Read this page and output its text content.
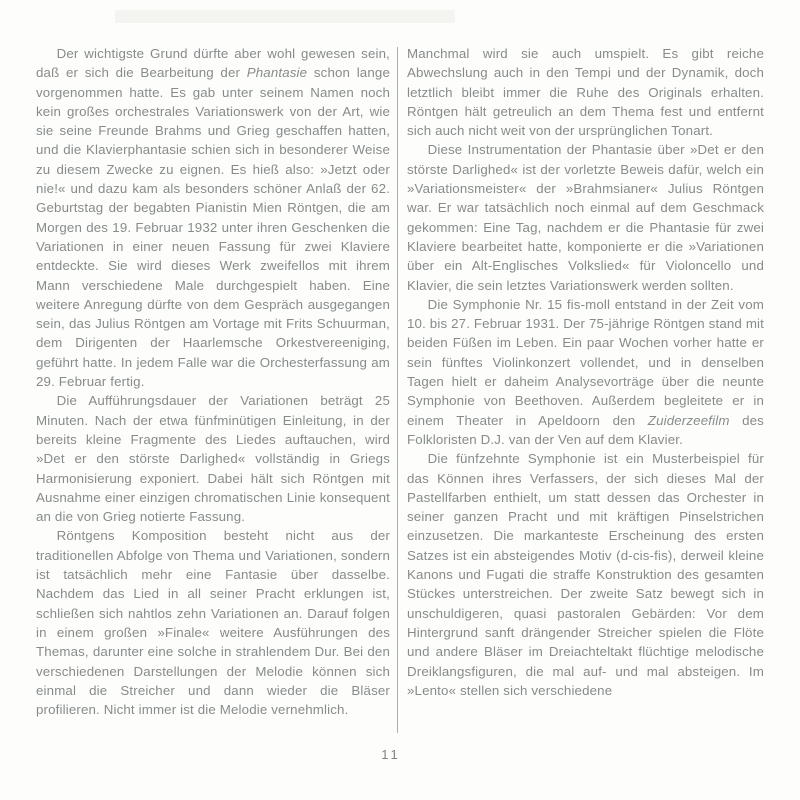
Der wichtigste Grund dürfte aber wohl gewesen sein, daß er sich die Bearbeitung der Phantasie schon lange vorgenommen hatte. Es gab unter seinem Namen noch kein großes orchestrales Variationswerk von der Art, wie sie seine Freunde Brahms und Grieg geschaffen hatten, und die Klavierphantasie schien sich in besonderer Weise zu diesem Zwecke zu eignen. Es hieß also: »Jetzt oder nie!« und dazu kam als besonders schöner Anlaß der 62. Geburtstag der begabten Pianistin Mien Röntgen, die am Morgen des 19. Februar 1932 unter ihren Geschenken die Variationen in einer neuen Fassung für zwei Klaviere entdeckte. Sie wird dieses Werk zweifellos mit ihrem Mann verschiedene Male durchgespielt haben. Eine weitere Anregung dürfte von dem Gespräch ausgegangen sein, das Julius Röntgen am Vortage mit Frits Schuurman, dem Dirigenten der Haarlemsche Orkestvereeniging, geführt hatte. In jedem Falle war die Orchesterfassung am 29. Februar fertig.

Die Aufführungsdauer der Variationen beträgt 25 Minuten. Nach der etwa fünfminütigen Einleitung, in der bereits kleine Fragmente des Liedes auftauchen, wird »Det er den störste Darlighed« vollständig in Griegs Harmonisierung exponiert. Dabei hält sich Röntgen mit Ausnahme einer einzigen chromatischen Linie konsequent an die von Grieg notierte Fassung.

Röntgens Komposition besteht nicht aus der traditionellen Abfolge von Thema und Variationen, sondern ist tatsächlich mehr eine Fantasie über dasselbe. Nachdem das Lied in all seiner Pracht erklungen ist, schließen sich nahtlos zehn Variationen an. Darauf folgen in einem großen »Finale« weitere Ausführungen des Themas, darunter eine solche in strahlendem Dur. Bei den verschiedenen Darstellungen der Melodie können sich einmal die Streicher und dann wieder die Bläser profilieren. Nicht immer ist die Melodie vernehmlich.

Manchmal wird sie auch umspielt. Es gibt reiche Abwechslung auch in den Tempi und der Dynamik, doch letztlich bleibt immer die Ruhe des Originals erhalten. Röntgen hält getreulich an dem Thema fest und entfernt sich auch nicht weit von der ursprünglichen Tonart.

Diese Instrumentation der Phantasie über »Det er den störste Darlighed« ist der vorletzte Beweis dafür, welch ein »Variationsmeister« der »Brahmsianer« Julius Röntgen war. Er war tatsächlich noch einmal auf dem Geschmack gekommen: Eine Tag, nachdem er die Phantasie für zwei Klaviere bearbeitet hatte, komponierte er die »Variationen über ein Alt-Englisches Volkslied« für Violoncello und Klavier, die sein letztes Variationswerk werden sollten.

Die Symphonie Nr. 15 fis-moll entstand in der Zeit vom 10. bis 27. Februar 1931. Der 75-jährige Röntgen stand mit beiden Füßen im Leben. Ein paar Wochen vorher hatte er sein fünftes Violinkonzert vollendet, und in denselben Tagen hielt er daheim Analysevorträge über die neunte Symphonie von Beethoven. Außerdem begleitete er in einem Theater in Apeldoorn den Zuiderzeefilm des Folkloristen D.J. van der Ven auf dem Klavier.

Die fünfzehnte Symphonie ist ein Musterbeispiel für das Können ihres Verfassers, der sich dieses Mal der Pastellfarben enthielt, um statt dessen das Orchester in seiner ganzen Pracht und mit kräftigen Pinselstrichen einzusetzen. Die markanteste Erscheinung des ersten Satzes ist ein absteigendes Motiv (d-cis-fis), derweil kleine Kanons und Fugati die straffe Konstruktion des gesamten Stückes unterstreichen. Der zweite Satz bewegt sich in unschuldigeren, quasi pastoralen Gebärden: Vor dem Hintergrund sanft drängender Streicher spielen die Flöte und andere Bläser im Dreiachteltakt flüchtige melodische Dreiklangsfiguren, die mal auf- und mal absteigen. Im »Lento« stellen sich verschiedene

11
